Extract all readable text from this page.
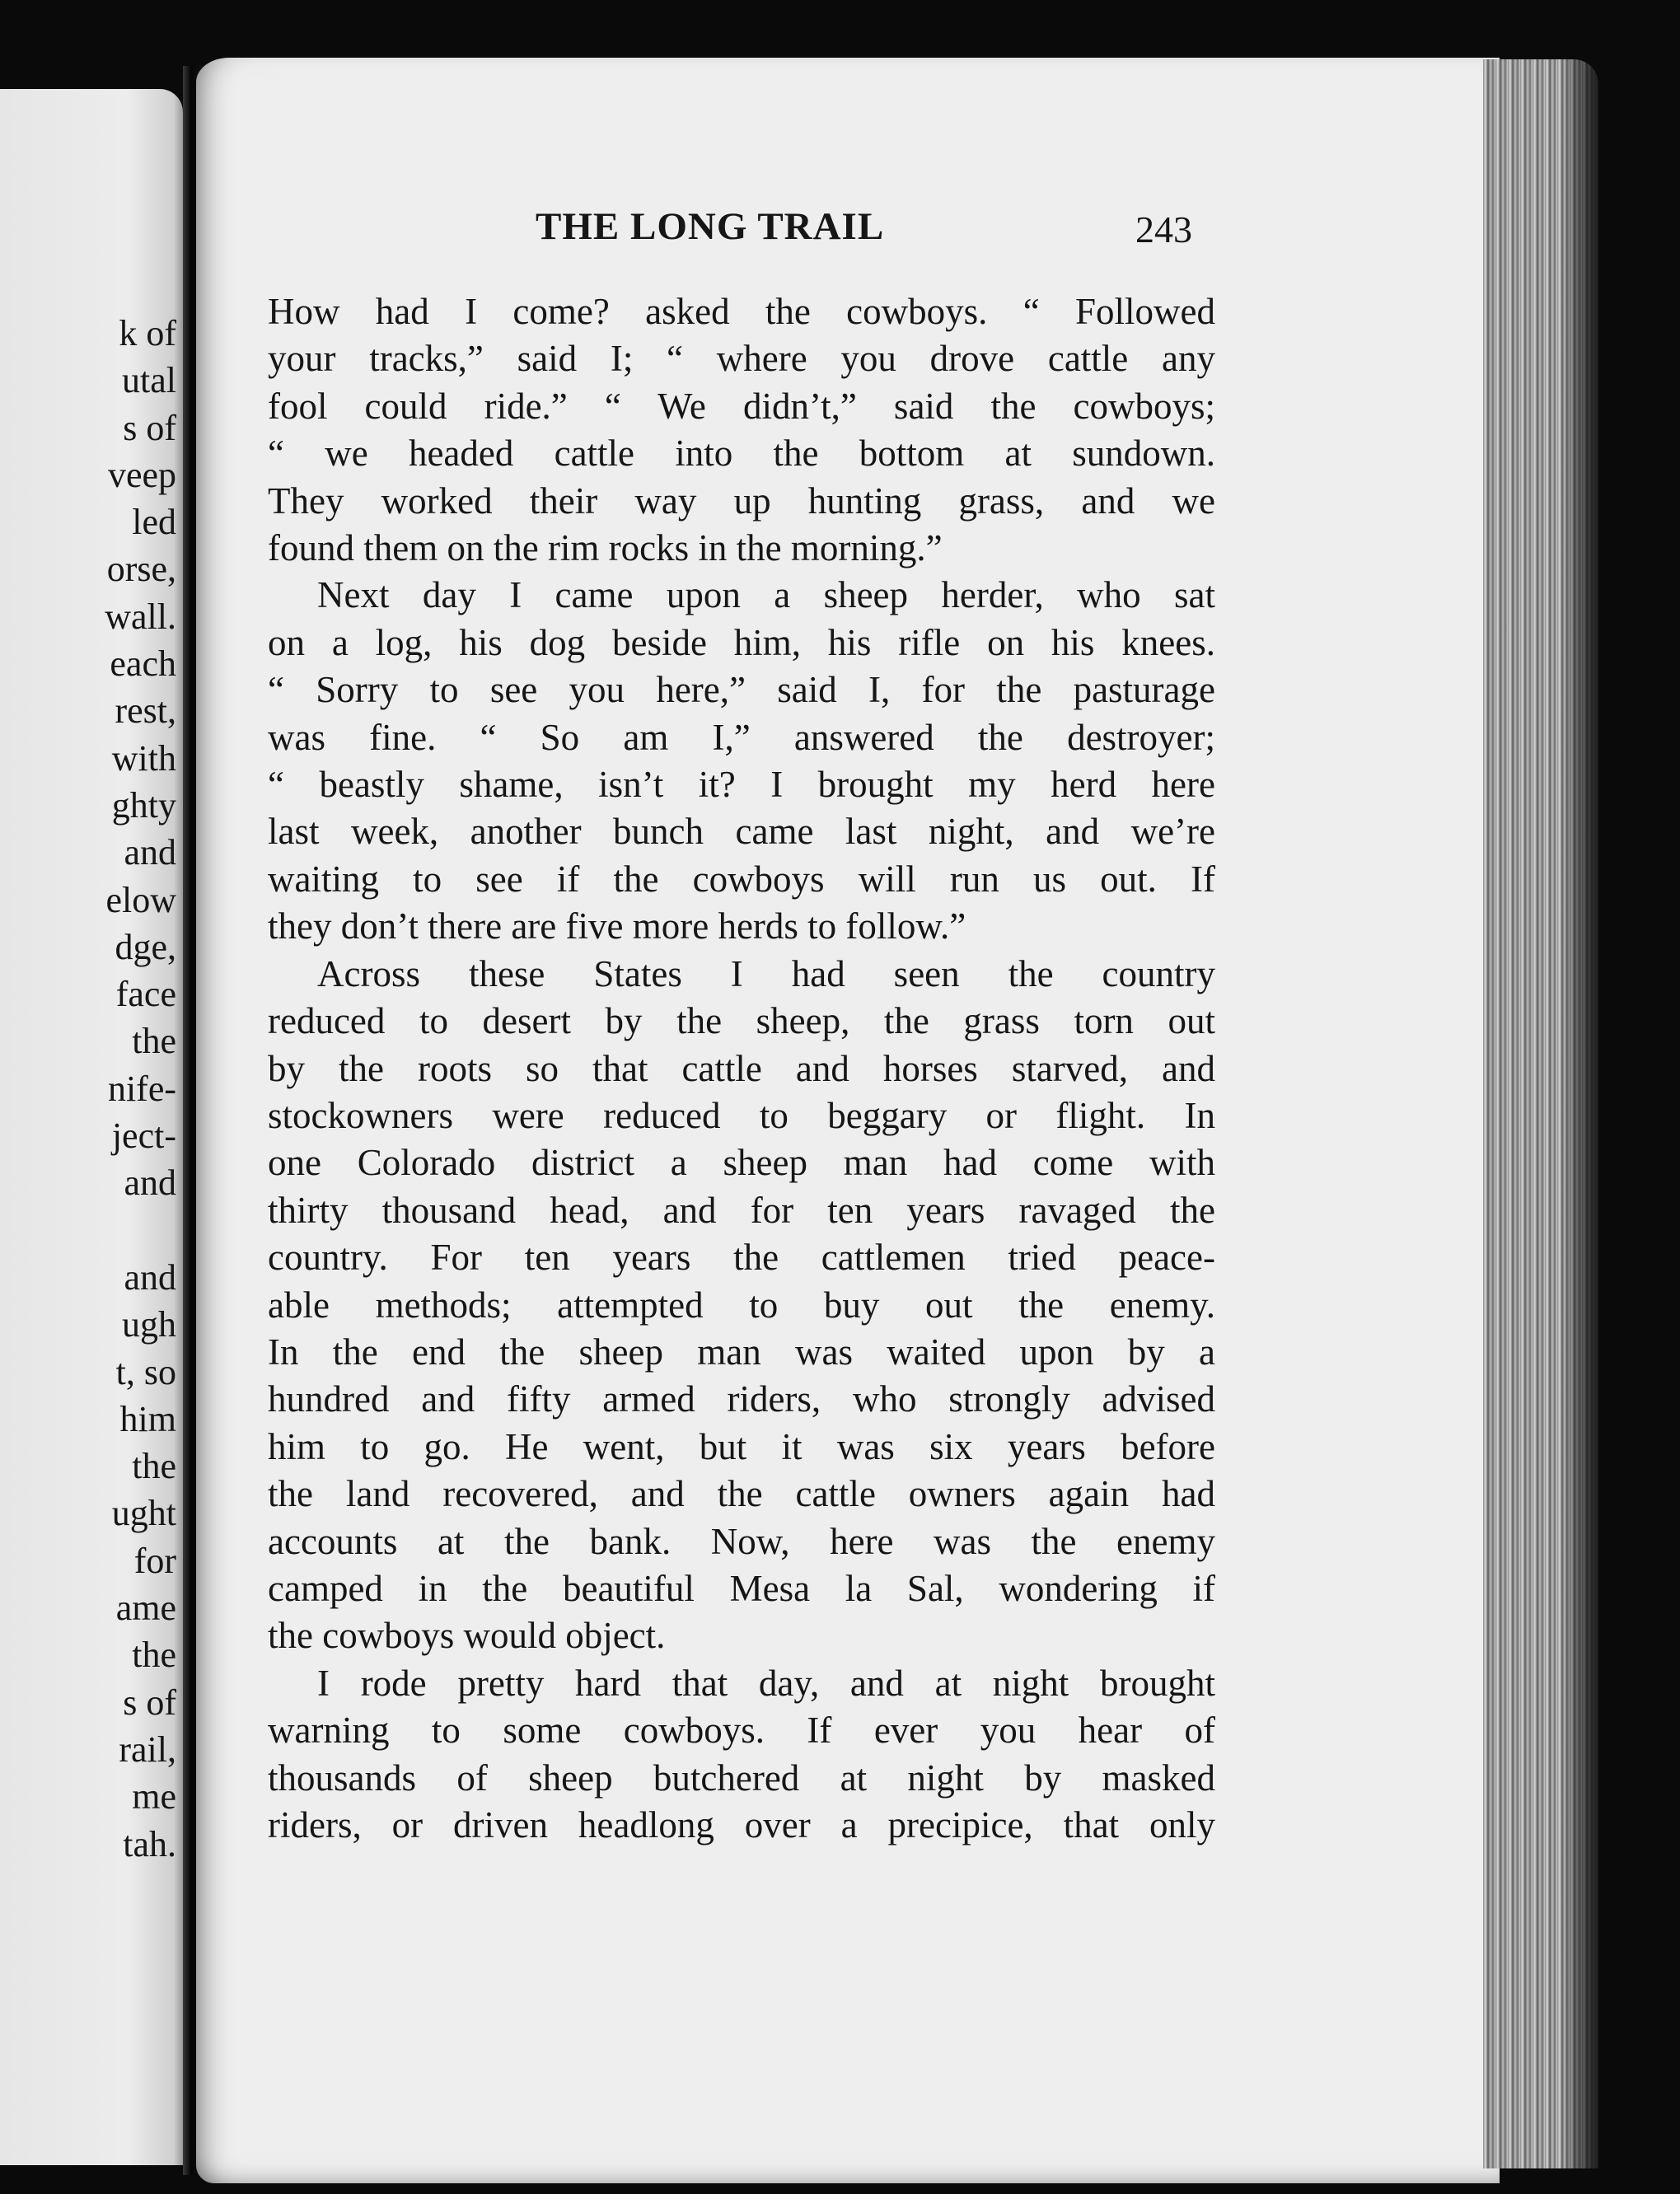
k of
utal
s of
veep
led
orse,
wall.
each
rest,
with
ghty
and
elow
dge,
face
the
nife-
ject-
and

and
ugh
t, so
him
the
ught
for
ame
the
s of
rail,
me
tah.
THE LONG TRAIL	243

How had I come? asked the cowboys. “ Followed

your tracks,” said I; “ where you drove cattle any

fool could ride.” “ We didn’t,” said the cowboys;

“ we headed cattle into the bottom at sundown.

They worked their way up hunting grass, and we

found them on the rim rocks in the morning.”

Next day I came upon a sheep herder, who sat

on a log, his dog beside him, his rifle on his knees.

“ Sorry to see you here,” said I, for the pasturage

was fine. “ So am I,” answered the destroyer;

“ beastly shame, isn’t it? I brought my herd here

last week, another bunch came last night, and we’re

waiting to see if the cowboys will run us out. If

they don’t there are five more herds to follow.”

Across these States I had seen the country

reduced to desert by the sheep, the grass torn out

by the roots so that cattle and horses starved, and

stockowners were reduced to beggary or flight. In

one Colorado district a sheep man had come with

thirty thousand head, and for ten years ravaged the

country. For ten years the cattlemen tried peace-

able methods; attempted to buy out the enemy.

In the end the sheep man was waited upon by a

hundred and fifty armed riders, who strongly advised

him to go. He went, but it was six years before

the land recovered, and the cattle owners again had

accounts at the bank. Now, here was the enemy

camped in the beautiful Mesa la Sal, wondering if

the cowboys would object.

I rode pretty hard that day, and at night brought

warning to some cowboys. If ever you hear of

thousands of sheep butchered at night by masked

riders, or driven headlong over a precipice, that only
